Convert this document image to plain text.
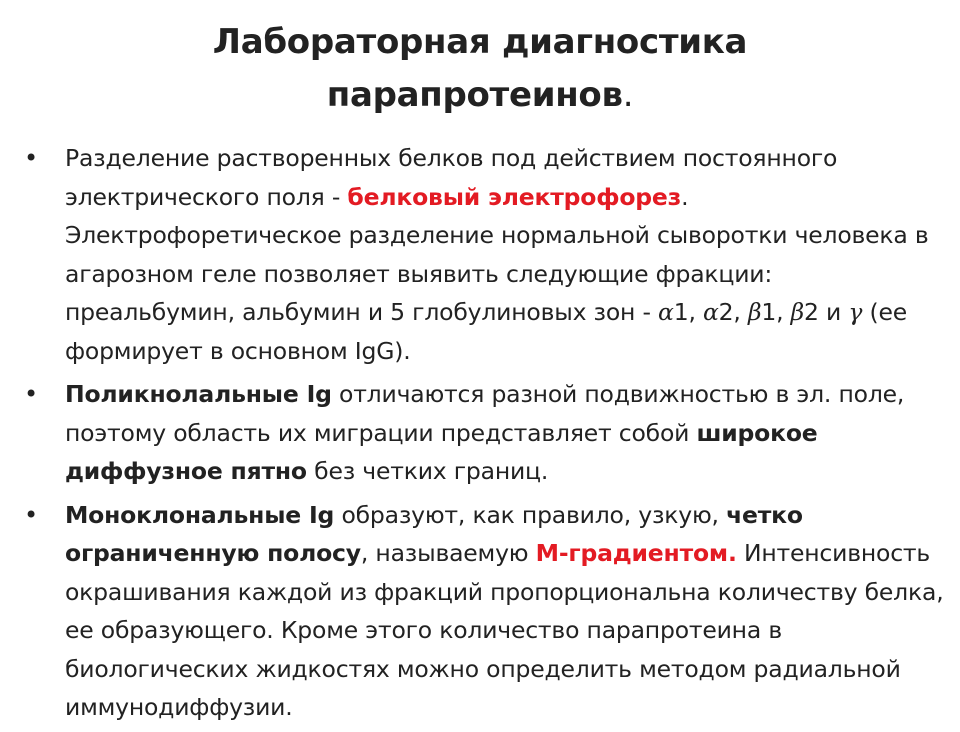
Лабораторная диагностика
парапротеинов.
• Разделение растворенных белков под действием постоянного электрического поля - белковый электрофорез. Электрофоретическое разделение нормальной сыворотки человека в агарозном геле позволяет выявить следующие фракции: преальбумин, альбумин и 5 глобулиновых зон - α1, α2, β1, β2 и γ (ее формирует в основном IgG).
• Поликнолальные Ig отличаются разной подвижностью в эл. поле, поэтому область их миграции представляет собой широкое диффузное пятно без четких границ.
• Моноклональные Ig образуют, как правило, узкую, четко ограниченную полосу, называемую М-градиентом. Интенсивность окрашивания каждой из фракций пропорциональна количеству белка, ее образующего. Кроме этого количество парапротеина в биологических жидкостях можно определить методом радиальной иммунодиффузии.
